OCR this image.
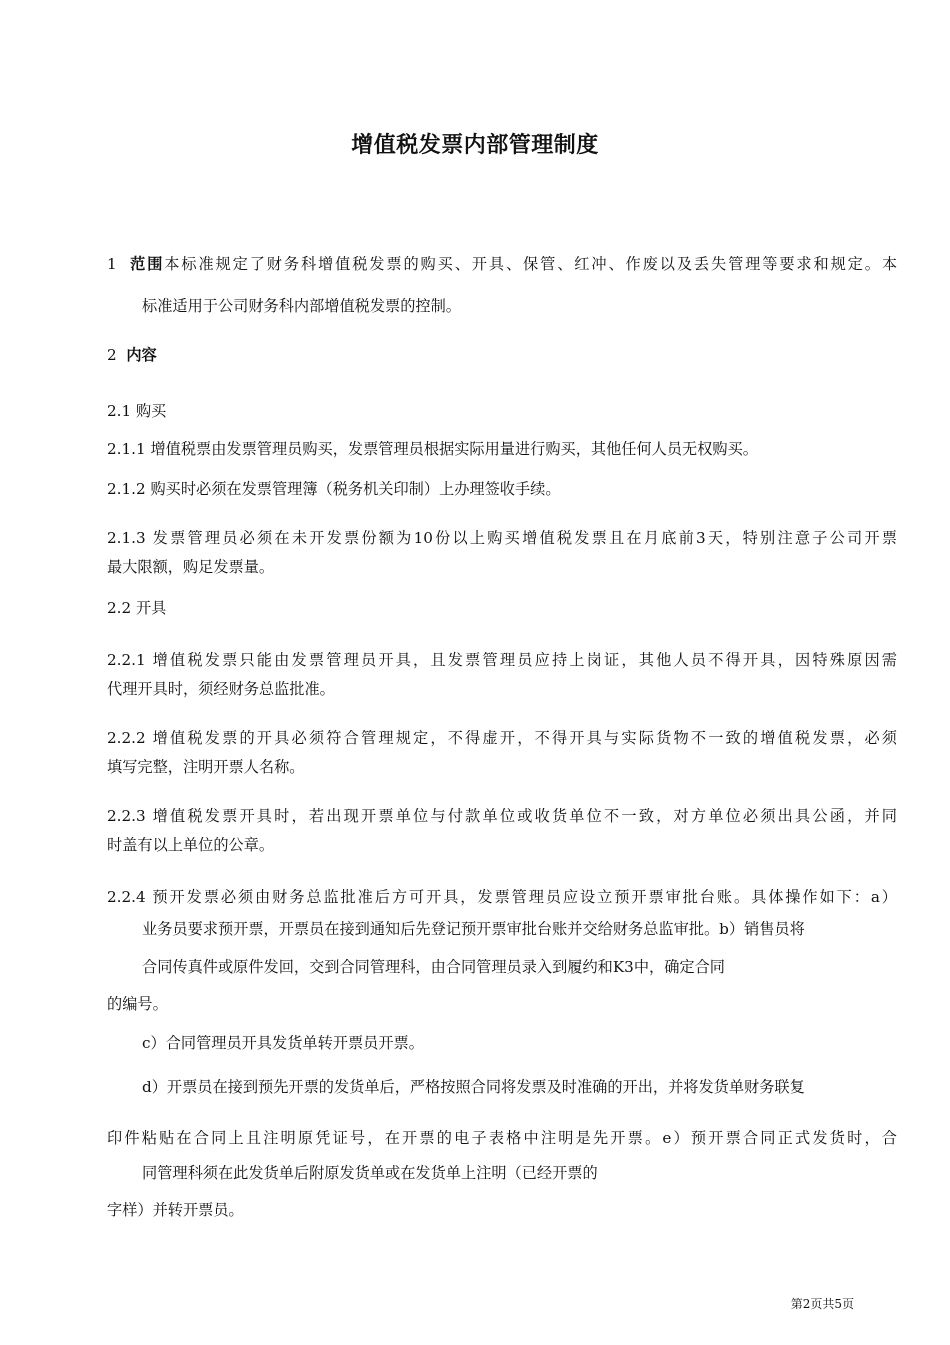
增值税发票内部管理制度
1 范围本标准规定了财务科增值税发票的购买、开具、保管、红冲、作废以及丢失管理等要求和规定。本
标准适用于公司财务科内部增值税发票的控制。
2 内容
2.1 购买
2.1.1 增值税票由发票管理员购买，发票管理员根据实际用量进行购买，其他任何人员无权购买。
2.1.2 购买时必须在发票管理簿（税务机关印制）上办理签收手续。
2.1.3 发票管理员必须在未开发票份额为10份以上购买增值税发票且在月底前3天，特别注意子公司开票
最大限额，购足发票量。
2.2 开具
2.2.1 增值税发票只能由发票管理员开具，且发票管理员应持上岗证，其他人员不得开具，因特殊原因需
代理开具时，须经财务总监批准。
2.2.2 增值税发票的开具必须符合管理规定，不得虚开，不得开具与实际货物不一致的增值税发票，必须
填写完整，注明开票人名称。
2.2.3 增值税发票开具时，若出现开票单位与付款单位或收货单位不一致，对方单位必须出具公函，并同
时盖有以上单位的公章。
2.2.4 预开发票必须由财务总监批准后方可开具，发票管理员应设立预开票审批台账。具体操作如下：a）
业务员要求预开票，开票员在接到通知后先登记预开票审批台账并交给财务总监审批。b）销售员将
合同传真件或原件发回，交到合同管理科，由合同管理员录入到履约和K3中，确定合同
的编号。
c）合同管理员开具发货单转开票员开票。
d）开票员在接到预先开票的发货单后，严格按照合同将发票及时准确的开出，并将发货单财务联复
印件粘贴在合同上且注明原凭证号，在开票的电子表格中注明是先开票。e）预开票合同正式发货时，合
同管理科须在此发货单后附原发货单或在发货单上注明（已经开票的
字样）并转开票员。
第2页共5页
